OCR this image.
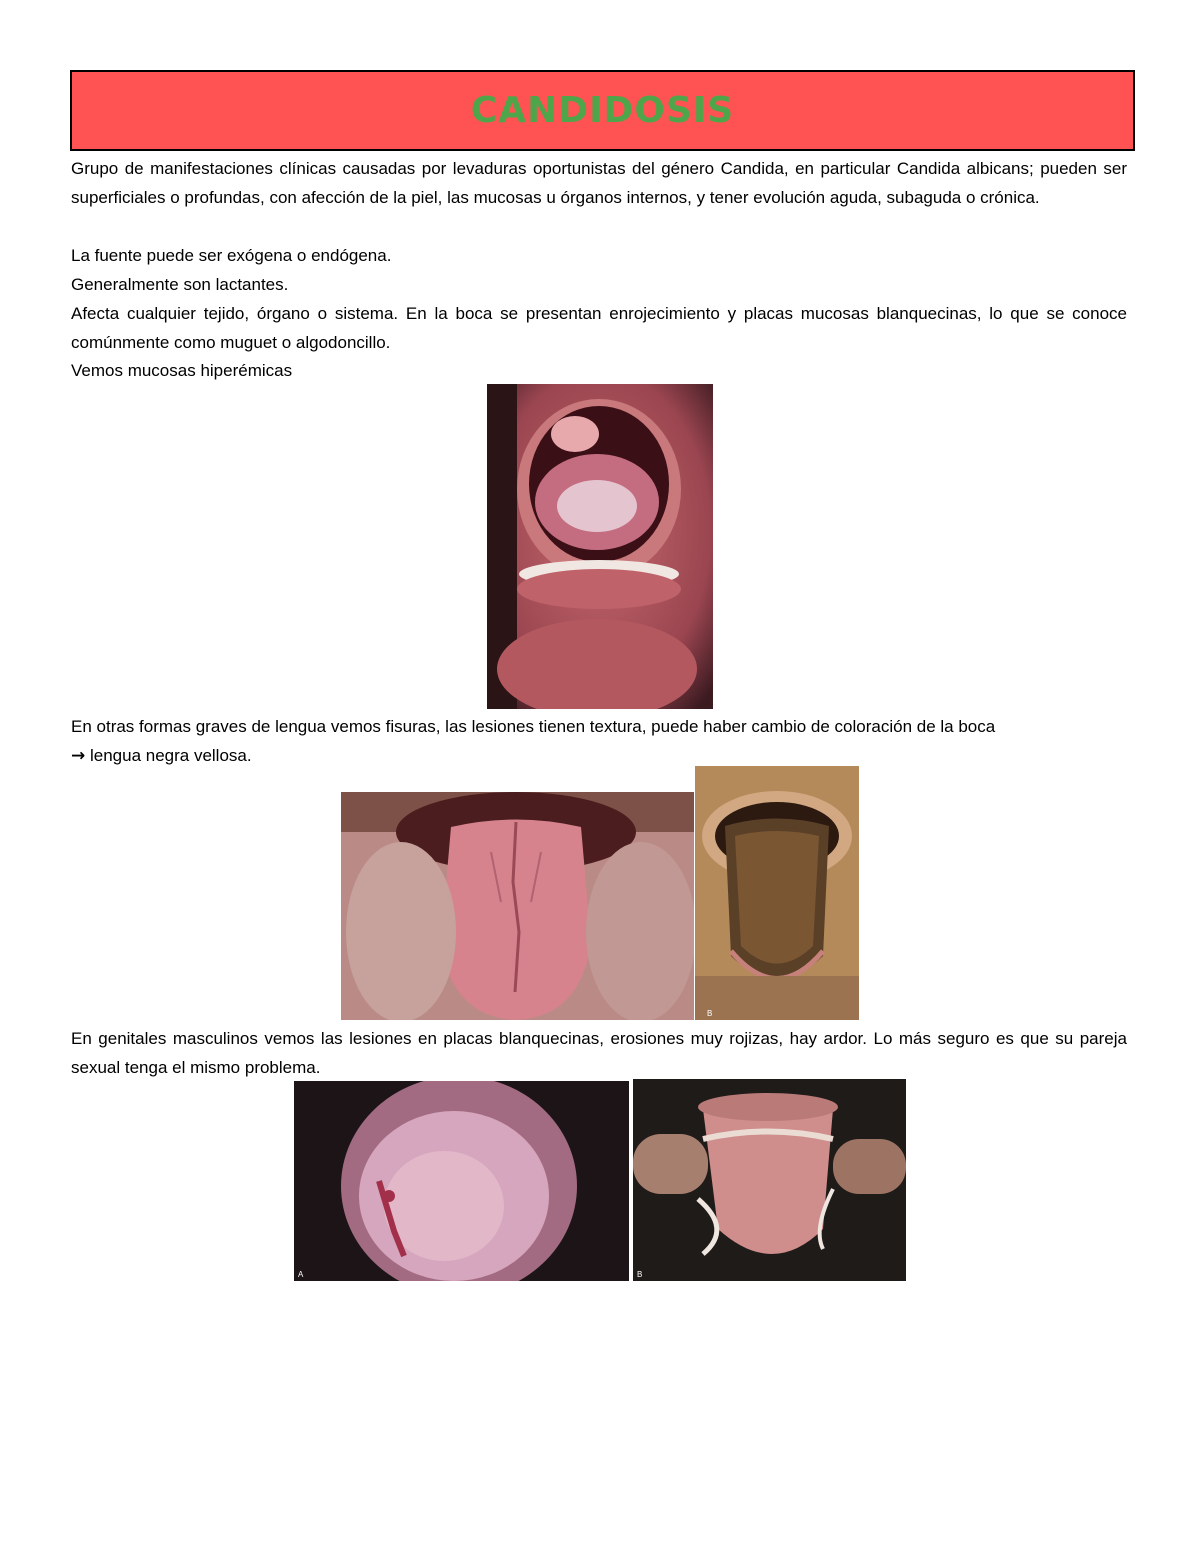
CANDIDOSIS

Grupo de manifestaciones clínicas causadas por levaduras oportunistas del género Candida, en particular Candida albicans; pueden ser superficiales o profundas, con afección de la piel, las mucosas u órganos internos, y tener evolución aguda, subaguda o crónica.

La fuente puede ser exógena o endógena.

Generalmente son lactantes.

Afecta cualquier tejido, órgano o sistema. En la boca se presentan enrojecimiento y placas mucosas blanquecinas, lo que se conoce comúnmente como muguet o algodoncillo.

Vemos mucosas hiperémicas

En otras formas graves de lengua vemos fisuras, las lesiones tienen textura, puede haber cambio de coloración de la boca
→ lengua negra vellosa.

B

En genitales masculinos vemos las lesiones en placas blanquecinas, erosiones muy rojizas, hay ardor. Lo más seguro es que su pareja sexual tenga el mismo problema.

A	B
